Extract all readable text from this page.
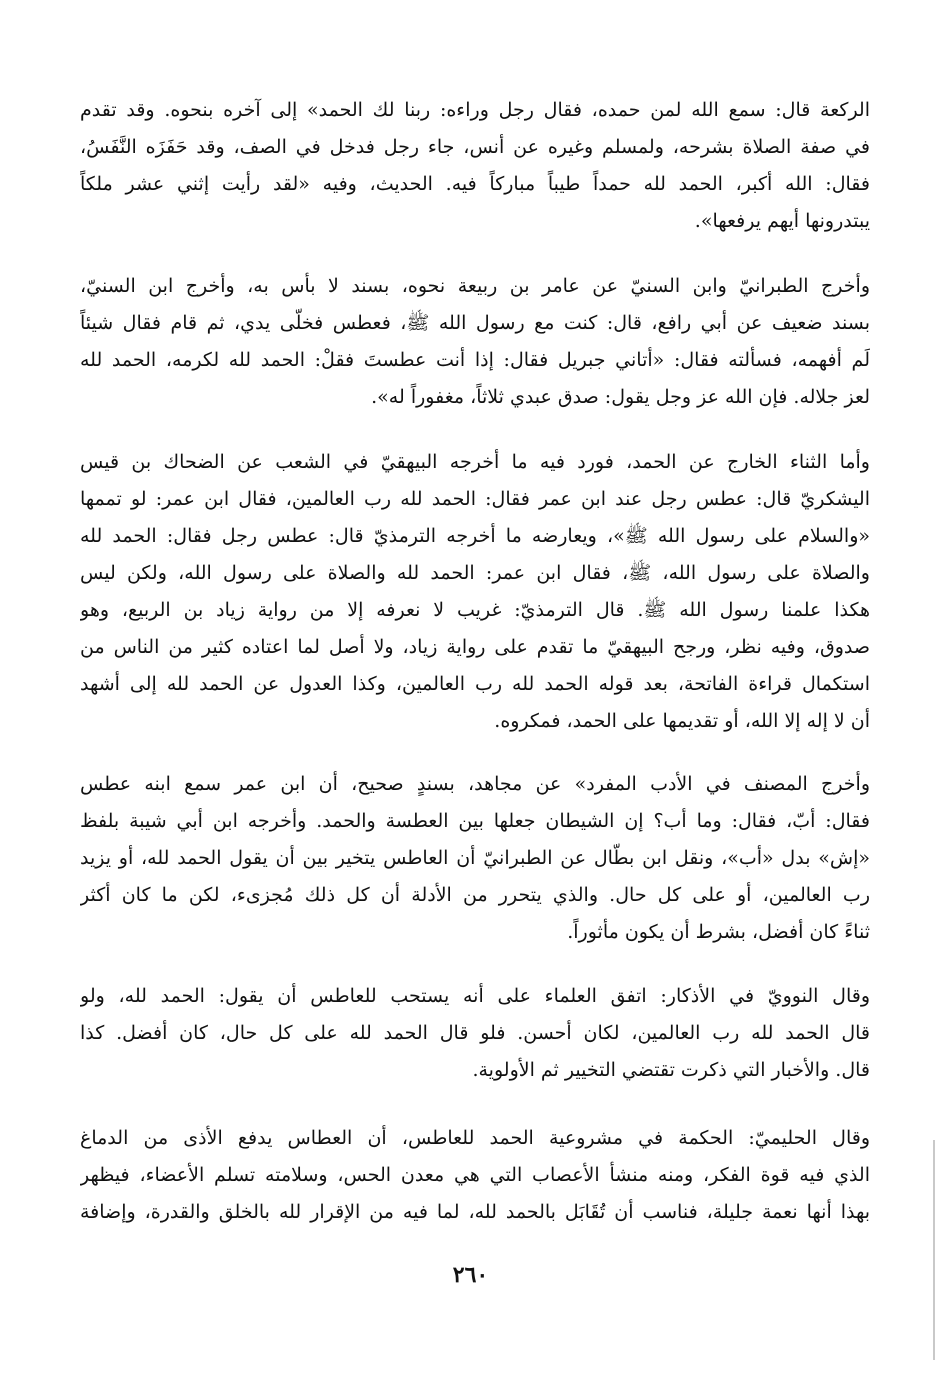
الركعة قال: سمع الله لمن حمده، فقال رجل وراءه: ربنا لك الحمد» إلى آخره بنحوه. وقد تقدم
في صفة الصلاة بشرحه، ولمسلم وغيره عن أنس، جاء رجل فدخل في الصف، وقد حَفَزَه النَّفَسُ،
فقال: الله أكبر، الحمد لله حمداً طيباً مباركاً فيه. الحديث، وفيه «لقد رأيت إثني عشر ملكاً
يبتدرونها أيهم يرفعها».
وأخرج الطبرانيّ وابن السنيّ عن عامر بن ربيعة نحوه، بسند لا بأس به، وأخرج ابن السنيّ،
بسند ضعيف عن أبي رافع، قال: كنت مع رسول الله ﷺ، فعطس فخلّى يدي، ثم قام فقال شيئاً
لَم أفهمه، فسألته فقال: «أتاني جبريل فقال: إذا أنت عطستَ فقلْ: الحمد لله لكرمه، الحمد لله
لعز جلاله. فإن الله عز وجل يقول: صدق عبدي ثلاثاً، مغفوراً له».
وأما الثناء الخارج عن الحمد، فورد فيه ما أخرجه البيهقيّ في الشعب عن الضحاك بن قيس
اليشكريّ قال: عطس رجل عند ابن عمر فقال: الحمد لله رب العالمين، فقال ابن عمر: لو تممها
«والسلام على رسول الله ﷺ»، ويعارضه ما أخرجه الترمذيّ قال: عطس رجل فقال: الحمد لله
والصلاة على رسول الله، ﷺ، فقال ابن عمر: الحمد لله والصلاة على رسول الله، ولكن ليس
هكذا علمنا رسول الله ﷺ. قال الترمذيّ: غريب لا نعرفه إلا من رواية زياد بن الربيع، وهو
صدوق، وفيه نظر، ورجح البيهقيّ ما تقدم على رواية زياد، ولا أصل لما اعتاده كثير من الناس من
استكمال قراءة الفاتحة، بعد قوله الحمد لله رب العالمين، وكذا العدول عن الحمد لله إلى أشهد
أن لا إله إلا الله، أو تقديمها على الحمد، فمكروه.
وأخرج المصنف في الأدب المفرد» عن مجاهد، بسندٍ صحيح، أن ابن عمر سمع ابنه عطس
فقال: أبّ، فقال: وما أب؟ إن الشيطان جعلها بين العطسة والحمد. وأخرجه ابن أبي شيبة بلفظ
«إش» بدل «أب»، ونقل ابن بطّال عن الطبرانيّ أن العاطس يتخير بين أن يقول الحمد لله، أو يزيد
رب العالمين، أو على كل حال. والذي يتحرر من الأدلة أن كل ذلك مُجزىء، لكن ما كان أكثر
ثناءً كان أفضل، بشرط أن يكون مأثوراً.
وقال النوويّ في الأذكار: اتفق العلماء على أنه يستحب للعاطس أن يقول: الحمد لله، ولو
قال الحمد لله رب العالمين، لكان أحسن. فلو قال الحمد لله على كل حال، كان أفضل. كذا
قال. والأخبار التي ذكرت تقتضي التخيير ثم الأولوية.
وقال الحليميّ: الحكمة في مشروعية الحمد للعاطس، أن العطاس يدفع الأذى من الدماغ
الذي فيه قوة الفكر، ومنه منشأ الأعصاب التي هي معدن الحس، وسلامته تسلم الأعضاء، فيظهر
بهذا أنها نعمة جليلة، فناسب أن تُقَابَل بالحمد لله، لما فيه من الإقرار لله بالخلق والقدرة، وإضافة
٢٦٠
